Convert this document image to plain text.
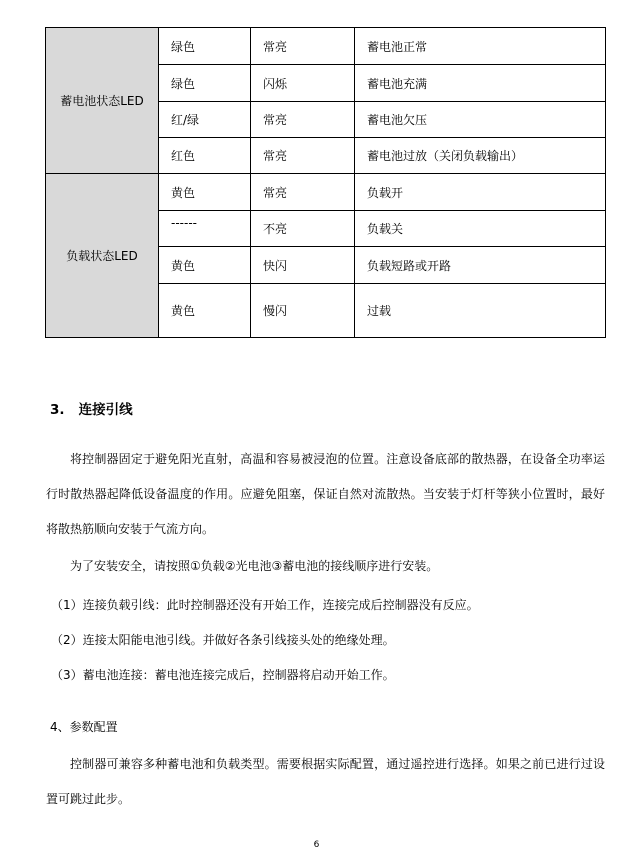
蓄电池状态LED	绿色	常亮	蓄电池正常
	绿色	闪烁	蓄电池充满
	红/绿	常亮	蓄电池欠压
	红色	常亮	蓄电池过放（关闭负载输出）
负载状态LED	黄色	常亮	负载开
	------	不亮	负载关
	黄色	快闪	负载短路或开路
	黄色	慢闪	过载
3.   连接引线
将控制器固定于避免阳光直射，高温和容易被浸泡的位置。注意设备底部的散热器，在设备全功率运行时散热器起降低设备温度的作用。应避免阻塞，保证自然对流散热。当安装于灯杆等狭小位置时，最好将散热筋顺向安装于气流方向。
为了安装安全，请按照①负载②光电池③蓄电池的接线顺序进行安装。
（1）连接负载引线：此时控制器还没有开始工作，连接完成后控制器没有反应。
（2）连接太阳能电池引线。并做好各条引线接头处的绝缘处理。
（3）蓄电池连接：蓄电池连接完成后，控制器将启动开始工作。
4、参数配置
控制器可兼容多种蓄电池和负载类型。需要根据实际配置，通过遥控进行选择。如果之前已进行过设置可跳过此步。
6
